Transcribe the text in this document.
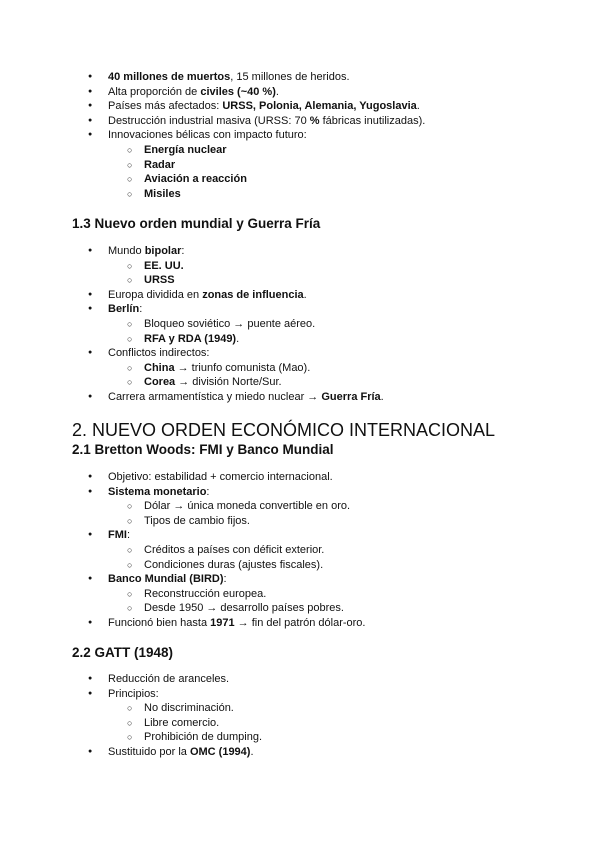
● 40 millones de muertos, 15 millones de heridos.
● Alta proporción de civiles (~40 %).
● Países más afectados: URSS, Polonia, Alemania, Yugoslavia.
● Destrucción industrial masiva (URSS: 70 % fábricas inutilizadas).
● Innovaciones bélicas con impacto futuro:
○ Energía nuclear
○ Radar
○ Aviación a reacción
○ Misiles
1.3 Nuevo orden mundial y Guerra Fría
● Mundo bipolar:
○ EE. UU.
○ URSS
● Europa dividida en zonas de influencia.
● Berlín:
○ Bloqueo soviético → puente aéreo.
○ RFA y RDA (1949).
● Conflictos indirectos:
○ China → triunfo comunista (Mao).
○ Corea → división Norte/Sur.
● Carrera armamentística y miedo nuclear → Guerra Fría.
2. NUEVO ORDEN ECONÓMICO INTERNACIONAL
2.1 Bretton Woods: FMI y Banco Mundial
● Objetivo: estabilidad + comercio internacional.
● Sistema monetario:
○ Dólar → única moneda convertible en oro.
○ Tipos de cambio fijos.
● FMI:
○ Créditos a países con déficit exterior.
○ Condiciones duras (ajustes fiscales).
● Banco Mundial (BIRD):
○ Reconstrucción europea.
○ Desde 1950 → desarrollo países pobres.
● Funcionó bien hasta 1971 → fin del patrón dólar-oro.
2.2 GATT (1948)
● Reducción de aranceles.
● Principios:
○ No discriminación.
○ Libre comercio.
○ Prohibición de dumping.
● Sustituido por la OMC (1994).
